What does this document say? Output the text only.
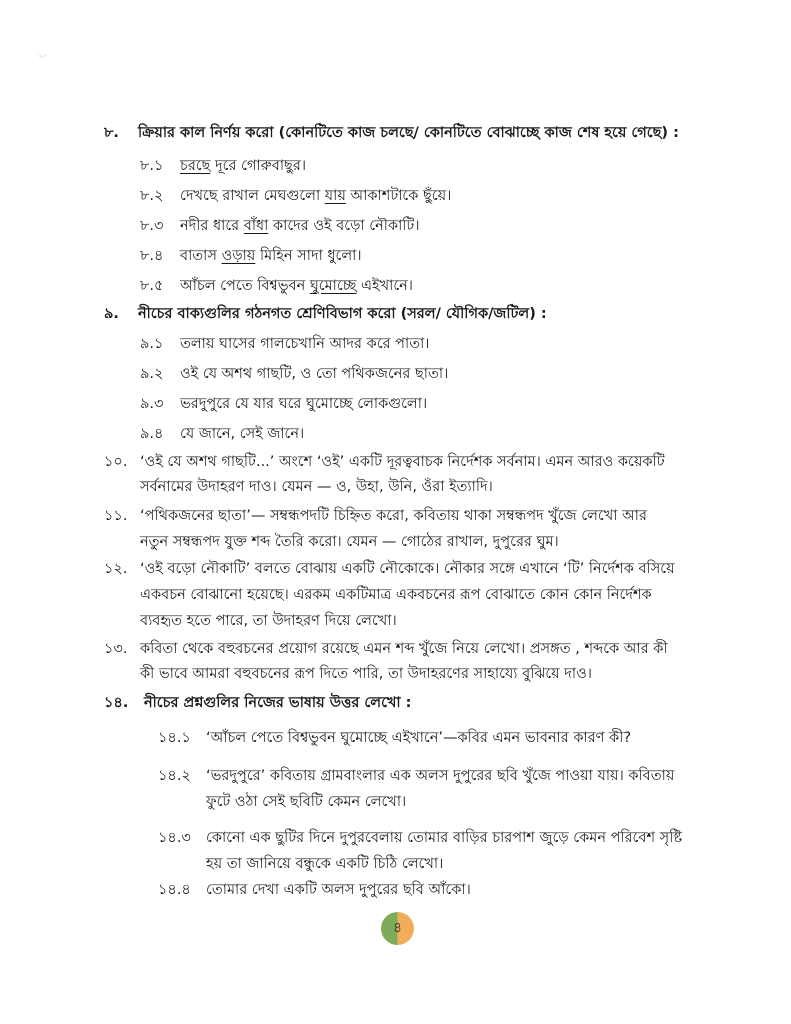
৬৫
৮. ক্রিয়ার কাল নির্ণয় করো (কোনটিতে কাজ চলছে/ কোনটিতে বোঝাচ্ছে কাজ শেষ হয়ে গেছে) :
৮.১ চরছে দূরে গোরুবাছুর।
৮.২ দেখছে রাখাল মেঘগুলো যায় আকাশটাকে ছুঁয়ে।
৮.৩ নদীর ধারে বাঁধা কাদের ওই বড়ো নৌকাটি।
৮.৪ বাতাস ওড়ায় মিহিন সাদা ধুলো।
৮.৫ আঁচল পেতে বিশ্বভুবন ঘুমোচ্ছে এইখানে।
৯. নীচের বাক্যগুলির গঠনগত শ্রেণিবিভাগ করো (সরল/ যৌগিক/জটিল) :
৯.১ তলায় ঘাসের গালচেখানি আদর করে পাতা।
৯.২ ওই যে অশথ গাছটি, ও তো পথিকজনের ছাতা।
৯.৩ ভরদুপুরে যে যার ঘরে ঘুমোচ্ছে লোকগুলো।
৯.৪ যে জানে, সেই জানে।
১০. ‘ওই যে অশথ গাছটি...’ অংশে ‘ওই’ একটি দূরত্ববাচক নির্দেশক সর্বনাম। এমন আরও কয়েকটি
সর্বনামের উদাহরণ দাও। যেমন — ও, উহা, উনি, ওঁরা ইত্যাদি।
১১. ‘পথিকজনের ছাতা’— সম্বন্ধপদটি চিহ্নিত করো, কবিতায় থাকা সম্বন্ধপদ খুঁজে লেখো আর
নতুন সম্বন্ধপদ যুক্ত শব্দ তৈরি করো। যেমন — গোঠের রাখাল, দুপুরের ঘুম।
১২. ‘ওই বড়ো নৌকাটি’ বলতে বোঝায় একটি নৌকোকে। নৌকার সঙ্গে এখানে ‘টি’ নির্দেশক বসিয়ে
একবচন বোঝানো হয়েছে। এরকম একটিমাত্র একবচনের রূপ বোঝাতে কোন কোন নির্দেশক
ব্যবহৃত হতে পারে, তা উদাহরণ দিয়ে লেখো।
১৩. কবিতা থেকে বহুবচনের প্রয়োগ রয়েছে এমন শব্দ খুঁজে নিয়ে লেখো। প্রসঙ্গত , শব্দকে আর কী
কী ভাবে আমরা বহুবচনের রূপ দিতে পারি, তা উদাহরণের সাহায্যে বুঝিয়ে দাও।
১৪. নীচের প্রশ্নগুলির নিজের ভাষায় উত্তর লেখো :
১৪.১ ‘আঁচল পেতে বিশ্বভুবন ঘুমোচ্ছে এইখানে’—কবির এমন ভাবনার কারণ কী?
১৪.২ ‘ভরদুপুরে’ কবিতায় গ্রামবাংলার এক অলস দুপুরের ছবি খুঁজে পাওয়া যায়। কবিতায়
ফুটে ওঠা সেই ছবিটি কেমন লেখো।
১৪.৩ কোনো এক ছুটির দিনে দুপুরবেলায় তোমার বাড়ির চারপাশ জুড়ে কেমন পরিবেশ সৃষ্টি
হয় তা জানিয়ে বন্ধুকে একটি চিঠি লেখো।
১৪.৪ তোমার দেখা একটি অলস দুপুরের ছবি আঁকো।
৪
